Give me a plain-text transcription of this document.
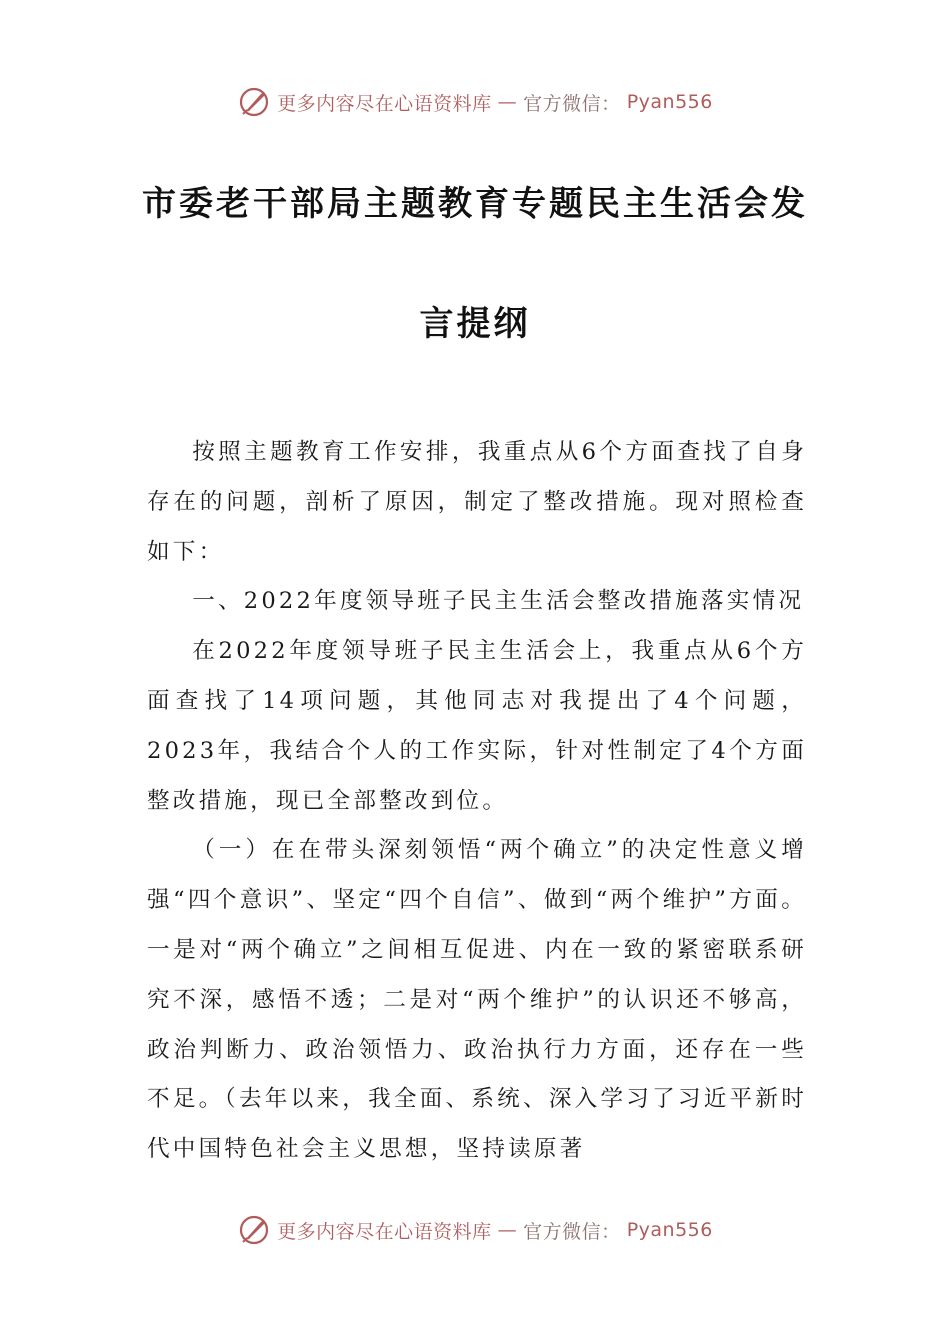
更多内容尽在心语资料库 — 官方微信： Pyan556
市委老干部局主题教育专题民主生活会发
言提纲

按照主题教育工作安排，我重点从6个方面查找了自身存在的问题，剖析了原因，制定了整改措施。现对照检查如下：

一、2022年度领导班子民主生活会整改措施落实情况

在2022年度领导班子民主生活会上，我重点从6个方面查找了14项问题，其他同志对我提出了4个问题，2023年，我结合个人的工作实际，针对性制定了4个方面整改措施，现已全部整改到位。

（一）在在带头深刻领悟“两个确立”的决定性意义增强“四个意识”、坚定“四个自信”、做到“两个维护”方面。一是对“两个确立”之间相互促进、内在一致的紧密联系研究不深，感悟不透；二是对“两个维护”的认识还不够高，政治判断力、政治领悟力、政治执行力方面，还存在一些不足。（去年以来，我全面、系统、深入学习了习近平新时代中国特色社会主义思想，坚持读原著

更多内容尽在心语资料库 — 官方微信： Pyan556
